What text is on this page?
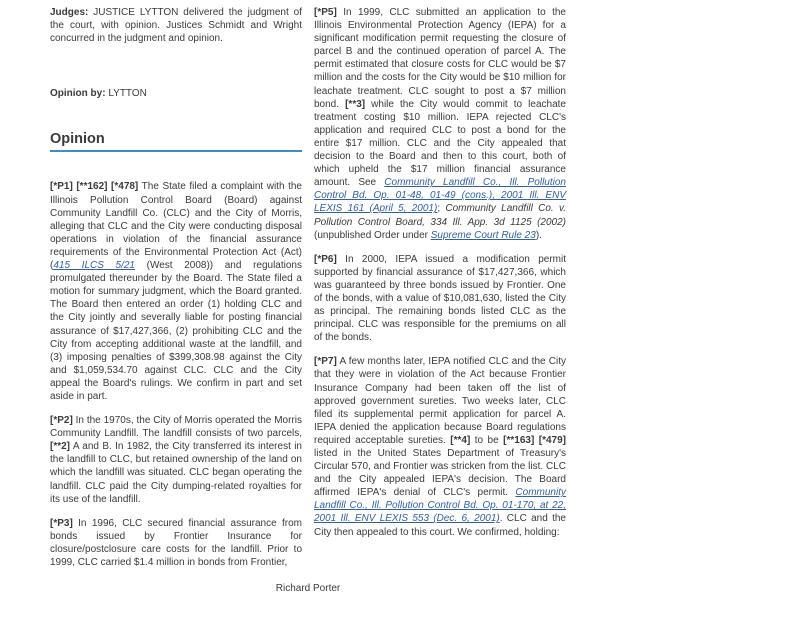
Judges: JUSTICE LYTTON delivered the judgment of the court, with opinion. Justices Schmidt and Wright concurred in the judgment and opinion.

Opinion by: LYTTON

Opinion

[*P1] [**162] [*478] The State filed a complaint with the Illinois Pollution Control Board (Board) against Community Landfill Co. (CLC) and the City of Morris, alleging that CLC and the City were conducting disposal operations in violation of the financial assurance requirements of the Environmental Protection Act (Act) (415 ILCS 5/21 (West 2008)) and regulations promulgated thereunder by the Board. The State filed a motion for summary judgment, which the Board granted. The Board then entered an order (1) holding CLC and the City jointly and severally liable for posting financial assurance of $17,427,366, (2) prohibiting CLC and the City from accepting additional waste at the landfill, and (3) imposing penalties of $399,308.98 against the City and $1,059,534.70 against CLC. CLC and the City appeal the Board's rulings. We confirm in part and set aside in part.

[*P2] In the 1970s, the City of Morris operated the Morris Community Landfill. The landfill consists of two parcels, [**2] A and B. In 1982, the City transferred its interest in the landfill to CLC, but retained ownership of the land on which the landfill was situated. CLC began operating the landfill. CLC paid the City dumping-related royalties for its use of the landfill.

[*P3] In 1996, CLC secured financial assurance from bonds issued by Frontier Insurance for closure/postclosure care costs for the landfill. Prior to 1999, CLC carried $1.4 million in bonds from Frontier,

[*P5] In 1999, CLC submitted an application to the Illinois Environmental Protection Agency (IEPA) for a significant modification permit requesting the closure of parcel B and the continued operation of parcel A. The permit estimated that closure costs for CLC would be $7 million and the costs for the City would be $10 million for leachate treatment. CLC sought to post a $7 million bond. [**3] while the City would commit to leachate treatment costing $10 million. IEPA rejected CLC's application and required CLC to post a bond for the entire $17 million. CLC and the City appealed that decision to the Board and then to this court, both of which upheld the $17 million financial assurance amount. See Community Landfill Co., Ill. Pollution Control Bd. Op. 01-48, 01-49 (cons.), 2001 Ill. ENV LEXIS 161 (April 5, 2001); Community Landfill Co. v. Pollution Control Board, 334 Ill. App. 3d 1125 (2002) (unpublished Order under Supreme Court Rule 23).

[*P6] In 2000, IEPA issued a modification permit supported by financial assurance of $17,427,366, which was guaranteed by three bonds issued by Frontier. One of the bonds, with a value of $10,081,630, listed the City as principal. The remaining bonds listed CLC as the principal. CLC was responsible for the premiums on all of the bonds.

[*P7] A few months later, IEPA notified CLC and the City that they were in violation of the Act because Frontier Insurance Company had been taken off the list of approved government sureties. Two weeks later, CLC filed its supplemental permit application for parcel A. IEPA denied the application because Board regulations required acceptable sureties. [**4] to be [**163] [*479] listed in the United States Department of Treasury's Circular 570, and Frontier was stricken from the list. CLC and the City appealed IEPA's decision. The Board affirmed IEPA's denial of CLC's permit. Community Landfill Co., Ill. Pollution Control Bd. Op. 01-170, at 22, 2001 Ill. ENV LEXIS 553 (Dec. 6, 2001). CLC and the City then appealed to this court. We confirmed, holding:

Richard Porter
